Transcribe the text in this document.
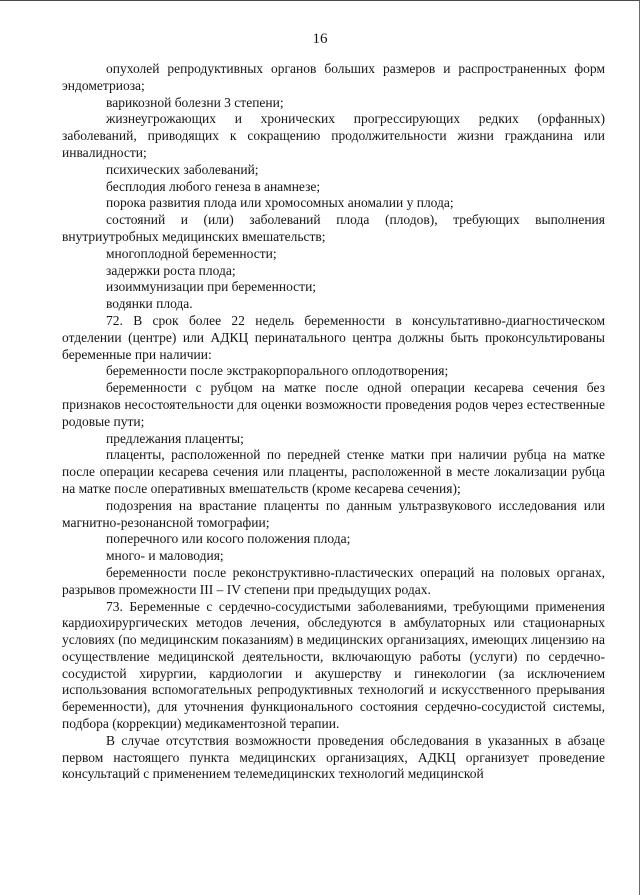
16

опухолей репродуктивных органов больших размеров и распространенных форм эндометриоза;

варикозной болезни 3 степени;

жизнеугрожающих и хронических прогрессирующих редких (орфанных) заболеваний, приводящих к сокращению продолжительности жизни гражданина или инвалидности;

психических заболеваний;

бесплодия любого генеза в анамнезе;

порока развития плода или хромосомных аномалии у плода;

состояний и (или) заболеваний плода (плодов), требующих выполнения внутриутробных медицинских вмешательств;

многоплодной беременности;

задержки роста плода;

изоиммунизации при беременности;

водянки плода.

72. В срок более 22 недель беременности в консультативно-диагностическом отделении (центре) или АДКЦ перинатального центра должны быть проконсультированы беременные при наличии:

беременности после экстракорпорального оплодотворения;

беременности с рубцом на матке после одной операции кесарева сечения без признаков несостоятельности для оценки возможности проведения родов через естественные родовые пути;

предлежания плаценты;

плаценты, расположенной по передней стенке матки при наличии рубца на матке после операции кесарева сечения или плаценты, расположенной в месте локализации рубца на матке после оперативных вмешательств (кроме кесарева сечения);

подозрения на врастание плаценты по данным ультразвукового исследования или магнитно-резонансной томографии;

поперечного или косого положения плода;

много- и маловодия;

беременности после реконструктивно-пластических операций на половых органах, разрывов промежности III – IV степени при предыдущих родах.

73. Беременные с сердечно-сосудистыми заболеваниями, требующими применения кардиохирургических методов лечения, обследуются в амбулаторных или стационарных условиях (по медицинским показаниям) в медицинских организациях, имеющих лицензию на осуществление медицинской деятельности, включающую работы (услуги) по сердечно-сосудистой хирургии, кардиологии и акушерству и гинекологии (за исключением использования вспомогательных репродуктивных технологий и искусственного прерывания беременности), для уточнения функционального состояния сердечно-сосудистой системы, подбора (коррекции) медикаментозной терапии.

В случае отсутствия возможности проведения обследования в указанных в абзаце первом настоящего пункта медицинских организациях, АДКЦ организует проведение консультаций с применением телемедицинских технологий медицинской
